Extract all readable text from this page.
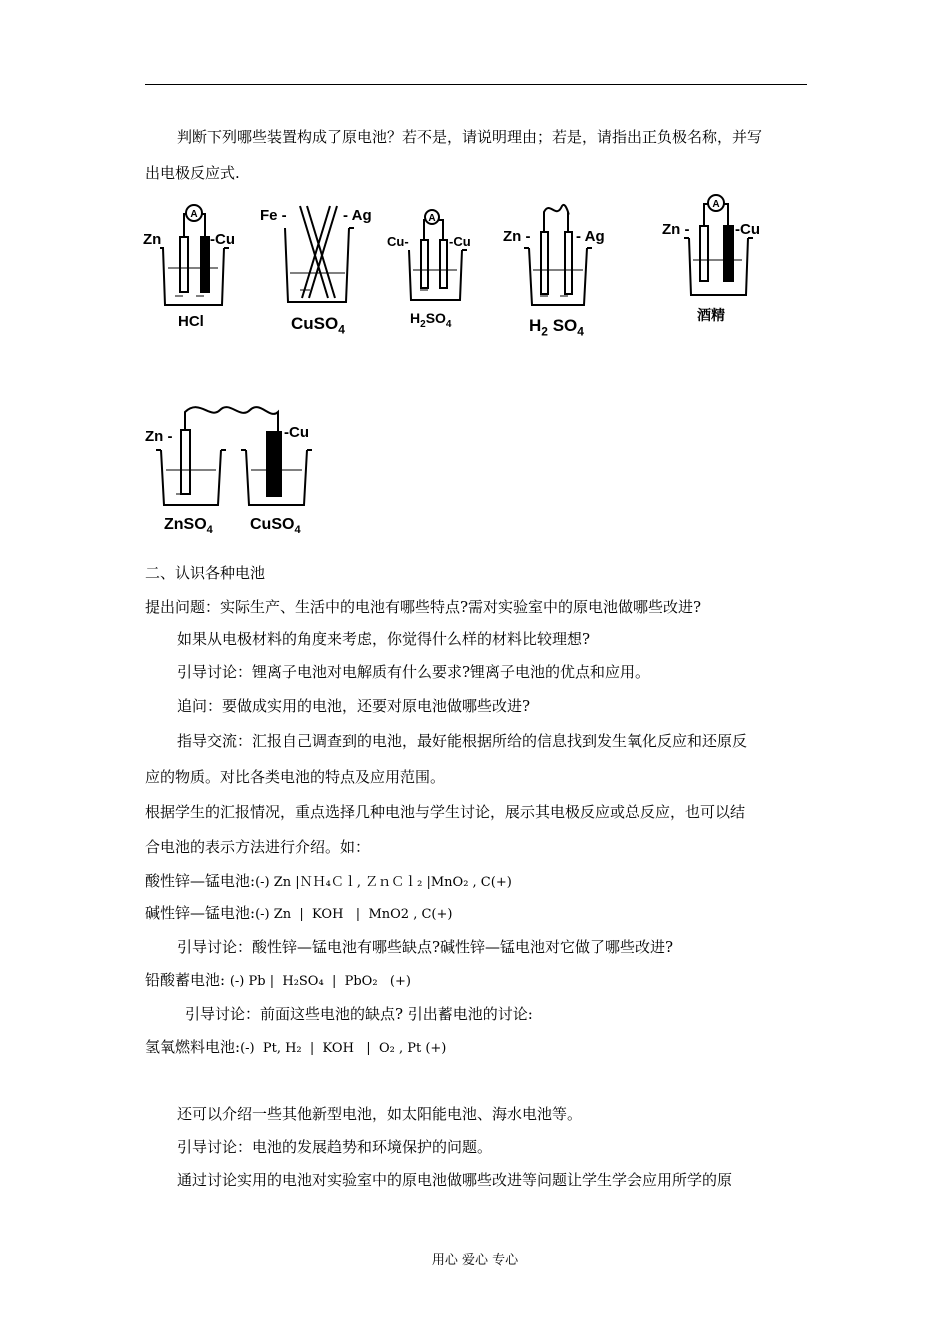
判断下列哪些装置构成了原电池？若不是，请说明理由；若是，请指出正负极名称，并写
出电极反应式.
A	A
A
Zn	-Cu
HCl
Fe -	- Ag
CuSO$_4$
Cu-	-Cu
$H_2SO_4$
Zn -	- Ag
$H_2$ $SO_4$
Zn -	-Cu
酒精
Zn -	-Cu
ZnSO$_4$ CuSO$_4$
二、认识各种电池
提出问题：实际生产、生活中的电池有哪些特点?需对实验室中的原电池做哪些改进?
如果从电极材料的角度来考虑，你觉得什么样的材料比较理想?
引导讨论：锂离子电池对电解质有什么要求?锂离子电池的优点和应用。
追问：要做成实用的电池，还要对原电池做哪些改进?
指导交流：汇报自己调查到的电池，最好能根据所给的信息找到发生氧化反应和还原反
应的物质。对比各类电池的特点及应用范围。
根据学生的汇报情况，重点选择几种电池与学生讨论，展示其电极反应或总反应，也可以结
合电池的表示方法进行介绍。如：
酸性锌—锰电池:(-) Zn |ＮＨ₄Ｃｌ, ＺｎＣｌ₂ |MnO₂ , C(+)
碱性锌—锰电池:(-) Zn  |  KOH   |  MnO2 , C(+)
引导讨论：酸性锌—锰电池有哪些缺点?碱性锌—锰电池对它做了哪些改进?
铅酸蓄电池: (-) Pb |  H₂SO₄  |  PbO₂   (+)
引导讨论：前面这些电池的缺点? 引出蓄电池的讨论:
氢氧燃料电池:(-)  Pt, H₂  |  KOH   |  O₂ , Pt (+)
还可以介绍一些其他新型电池，如太阳能电池、海水电池等。
引导讨论：电池的发展趋势和环境保护的问题。
通过讨论实用的电池对实验室中的原电池做哪些改进等问题让学生学会应用所学的原
用心 爱心 专心
